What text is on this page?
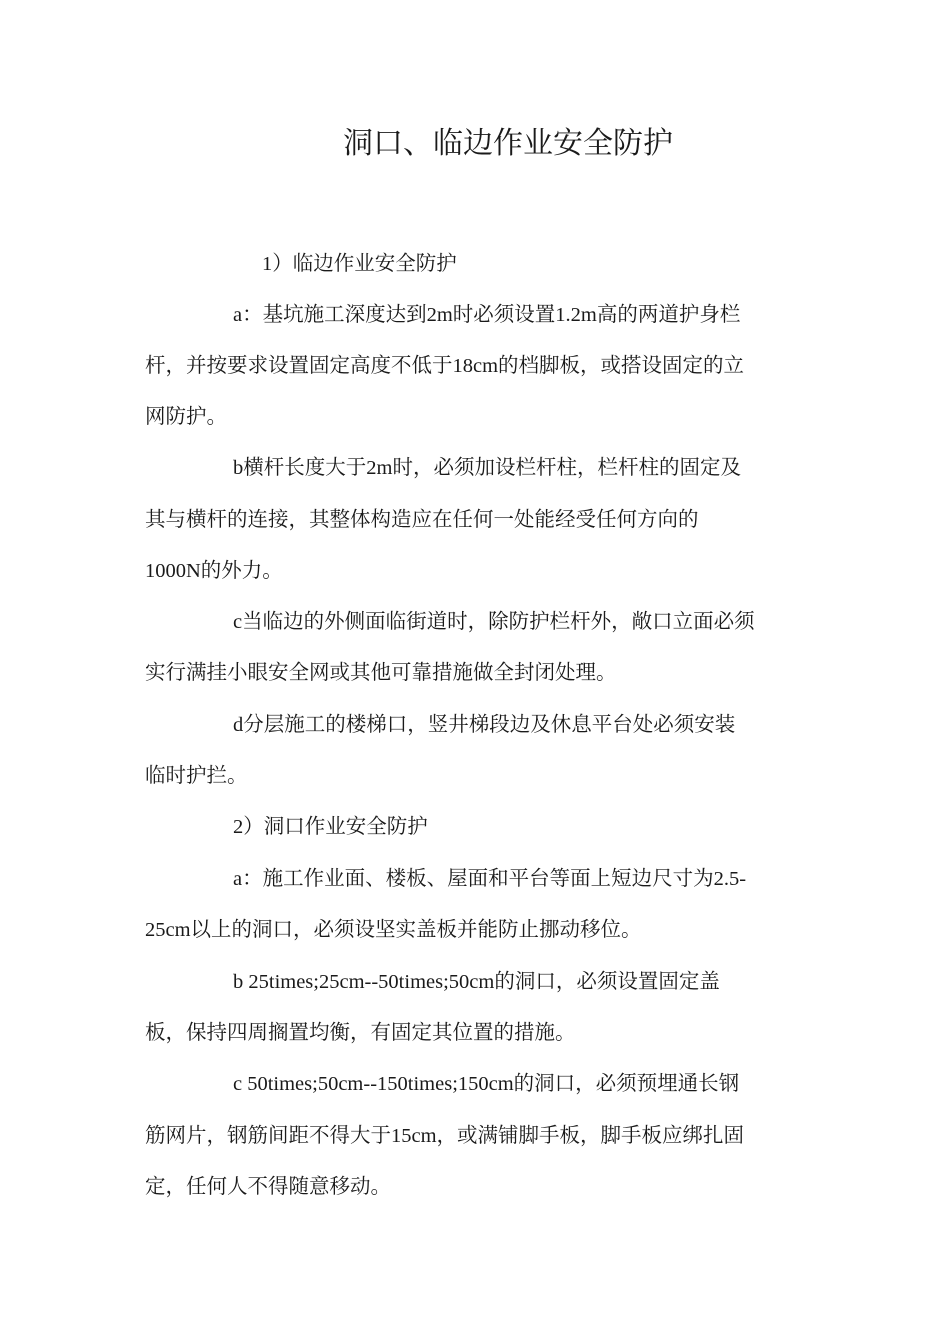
洞口、临边作业安全防护
1）临边作业安全防护
a：基坑施工深度达到2m时必须设置1.2m高的两道护身栏
杆，并按要求设置固定高度不低于18cm的档脚板，或搭设固定的立
网防护。
b横杆长度大于2m时，必须加设栏杆柱，栏杆柱的固定及
其与横杆的连接，其整体构造应在任何一处能经受任何方向的
1000N的外力。
c当临边的外侧面临街道时，除防护栏杆外，敞口立面必须
实行满挂小眼安全网或其他可靠措施做全封闭处理。
d分层施工的楼梯口，竖井梯段边及休息平台处必须安装
临时护拦。
2）洞口作业安全防护
a：施工作业面、楼板、屋面和平台等面上短边尺寸为2.5-
25cm以上的洞口，必须设坚实盖板并能防止挪动移位。
b 25times;25cm--50times;50cm的洞口，必须设置固定盖
板，保持四周搁置均衡，有固定其位置的措施。
c 50times;50cm--150times;150cm的洞口，必须预埋通长钢
筋网片，钢筋间距不得大于15cm，或满铺脚手板，脚手板应绑扎固
定，任何人不得随意移动。
